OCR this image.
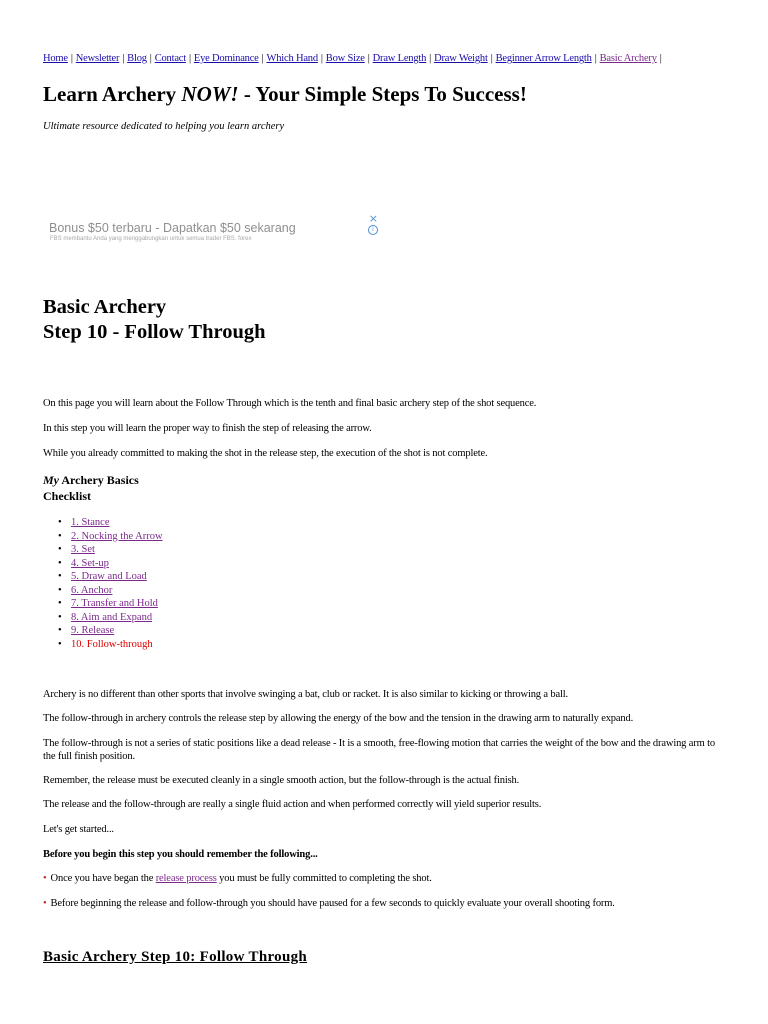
Home | Newsletter | Blog | Contact | Eye Dominance | Which Hand | Bow Size | Draw Length | Draw Weight | Beginner Arrow Length | Basic Archery |
Learn Archery NOW! - Your Simple Steps To Success!

Ultimate resource dedicated to helping you learn archery

Bonus $50 terbaru - Dapatkan $50 sekarang
FBS membantu Anda yang menggabungkan untuk semua trader FBS. forex
×
i
Basic Archery
Step 10 - Follow Through

On this page you will learn about the Follow Through which is the tenth and final basic archery step of the shot sequence.

In this step you will learn the proper way to finish the step of releasing the arrow.

While you already committed to making the shot in the release step, the execution of the shot is not complete.

My Archery Basics
Checklist
• 1. Stance
• 2. Nocking the Arrow
• 3. Set
• 4. Set-up
• 5. Draw and Load
• 6. Anchor
• 7. Transfer and Hold
• 8. Aim and Expand
• 9. Release
• 10. Follow-through

Archery is no different than other sports that involve swinging a bat, club or racket. It is also similar to kicking or throwing a ball.

The follow-through in archery controls the release step by allowing the energy of the bow and the tension in the drawing arm to naturally expand.

The follow-through is not a series of static positions like a dead release - It is a smooth, free-flowing motion that carries the weight of the bow and the drawing arm to the full finish position.

Remember, the release must be executed cleanly in a single smooth action, but the follow-through is the actual finish.

The release and the follow-through are really a single fluid action and when performed correctly will yield superior results.

Let's get started...

Before you begin this step you should remember the following...

• Once you have began the release process you must be fully committed to completing the shot.

• Before beginning the release and follow-through you should have paused for a few seconds to quickly evaluate your overall shooting form.

Basic Archery Step 10: Follow Through
